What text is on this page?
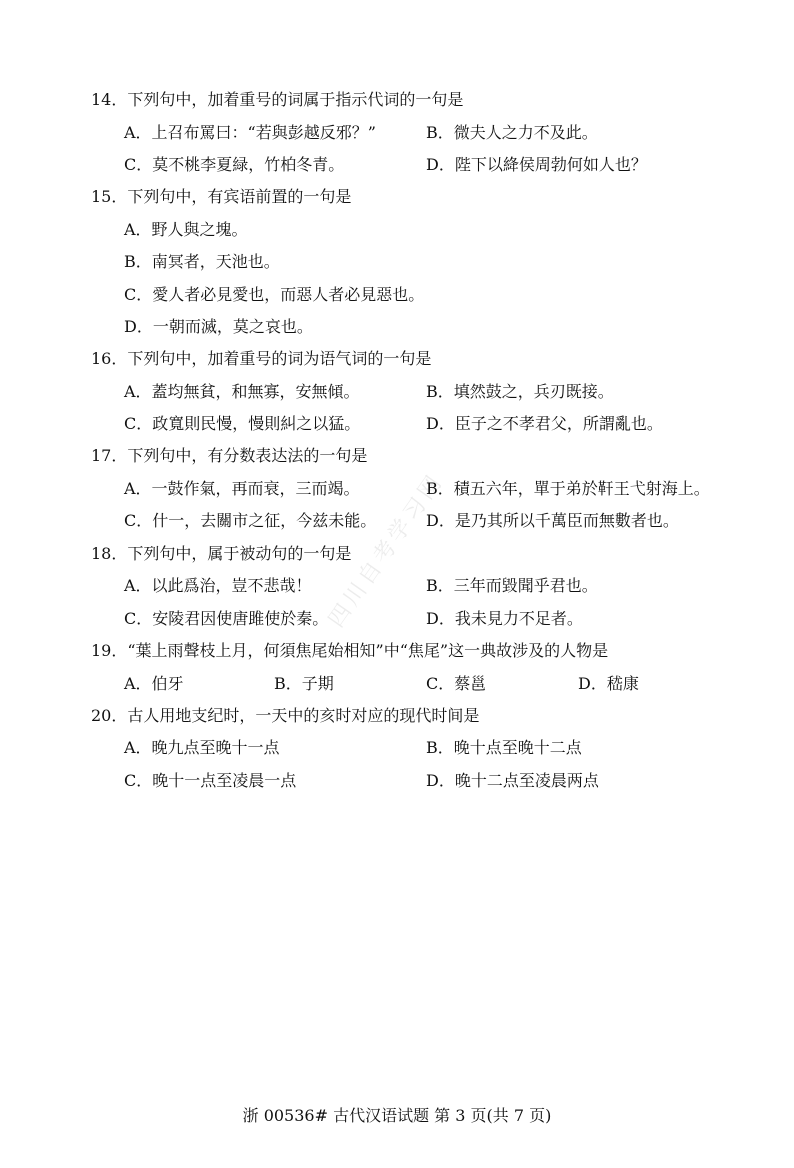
四川自考学习网
14．下列句中，加着重号的词属于指示代词的一句是
A．上召布罵曰：“若與彭越反邪？”	B．微夫人之力不及此。
C．莫不桃李夏緑，竹柏冬青。	D．陛下以絳侯周勃何如人也？
15．下列句中，有宾语前置的一句是
A．野人與之塊。
B．南冥者，天池也。
C．愛人者必見愛也，而惡人者必見惡也。
D．一朝而滅，莫之哀也。
16．下列句中，加着重号的词为语气词的一句是
A．蓋均無貧，和無寡，安無傾。	B．填然鼓之，兵刃既接。
C．政寬則民慢，慢則糾之以猛。	D．臣子之不孝君父，所謂亂也。
17．下列句中，有分数表达法的一句是
A．一鼓作氣，再而衰，三而竭。	B．積五六年，單于弟於靬王弋射海上。
C．什一，去關市之征，今兹未能。	D．是乃其所以千萬臣而無數者也。
18．下列句中，属于被动句的一句是
A．以此爲治，豈不悲哉！	B．三年而毀聞乎君也。
C．安陵君因使唐雎使於秦。	D．我未見力不足者。
19．“葉上雨聲枝上月，何須焦尾始相知”中“焦尾”这一典故涉及的人物是
A．伯牙	B．子期	C．蔡邕	D．嵇康
20．古人用地支纪时，一天中的亥时对应的现代时间是
A．晚九点至晚十一点	B．晚十点至晚十二点
C．晚十一点至凌晨一点	D．晚十二点至凌晨两点
浙 00536# 古代汉语试题 第 3 页(共 7 页)
